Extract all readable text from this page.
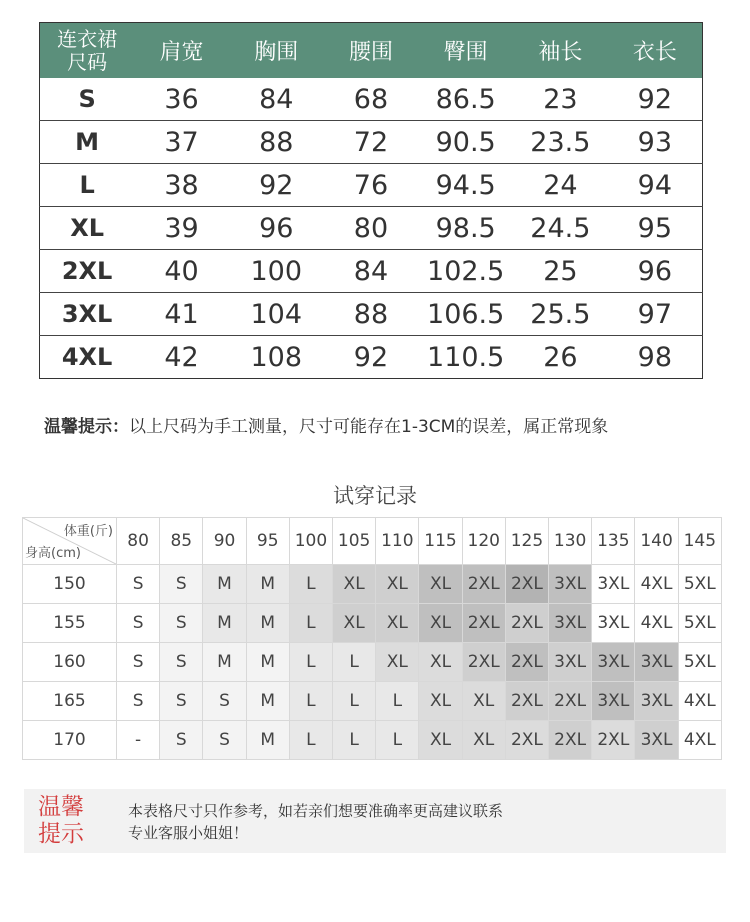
连衣裙
尺码	肩宽	胸围	腰围	臀围	袖长	衣长
S	36	84	68	86.5	23	92
M	37	88	72	90.5	23.5	93
L	38	92	76	94.5	24	94
XL	39	96	80	98.5	24.5	95
2XL	40	100	84	102.5	25	96
3XL	41	104	88	106.5	25.5	97
4XL	42	108	92	110.5	26	98
温馨提示：以上尺码为手工测量，尺寸可能存在1-3CM的误差，属正常现象
试穿记录
体重(斤)
身高(cm)	80	85	90	95	100	105	110	115	120	125	130	135	140	145
150	S	S	M	M	L	XL	XL	XL	2XL	2XL	3XL	3XL	4XL	5XL
155	S	S	M	M	L	XL	XL	XL	2XL	2XL	3XL	3XL	4XL	5XL
160	S	S	M	M	L	L	XL	XL	2XL	2XL	3XL	3XL	3XL	5XL
165	S	S	S	M	L	L	L	XL	XL	2XL	2XL	3XL	3XL	4XL
170	-	S	S	M	L	L	L	XL	XL	2XL	2XL	2XL	3XL	4XL
温馨
提示
本表格尺寸只作参考，如若亲们想要准确率更高建议联系
专业客服小姐姐！
